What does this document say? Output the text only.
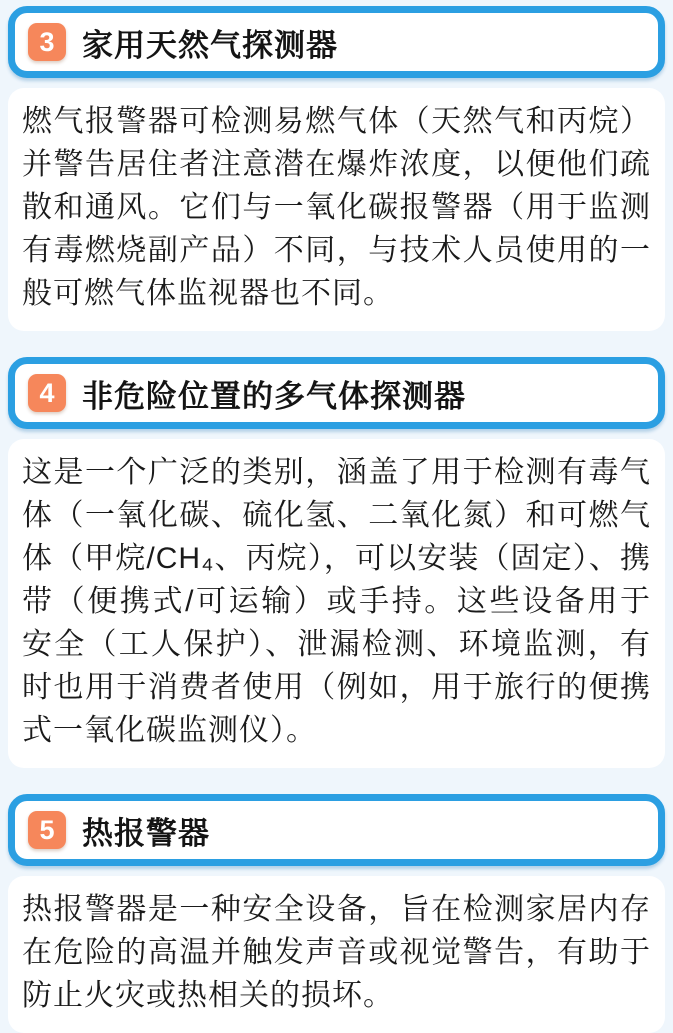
3 家用天然气探测器
燃气报警器可检测易燃气体（天然气和丙烷）并警告居住者注意潜在爆炸浓度，以便他们疏散和通风。它们与一氧化碳报警器（用于监测有毒燃烧副产品）不同，与技术人员使用的一般可燃气体监视器也不同。
4 非危险位置的多气体探测器
这是一个广泛的类别，涵盖了用于检测有毒气体（一氧化碳、硫化氢、二氧化氮）和可燃气体（甲烷/CH₄、丙烷），可以安装（固定）、携带（便携式/可运输）或手持。这些设备用于安全（工人保护）、泄漏检测、环境监测，有时也用于消费者使用（例如，用于旅行的便携式一氧化碳监测仪）。
5 热报警器
热报警器是一种安全设备，旨在检测家居内存在危险的高温并触发声音或视觉警告，有助于防止火灾或热相关的损坏。
